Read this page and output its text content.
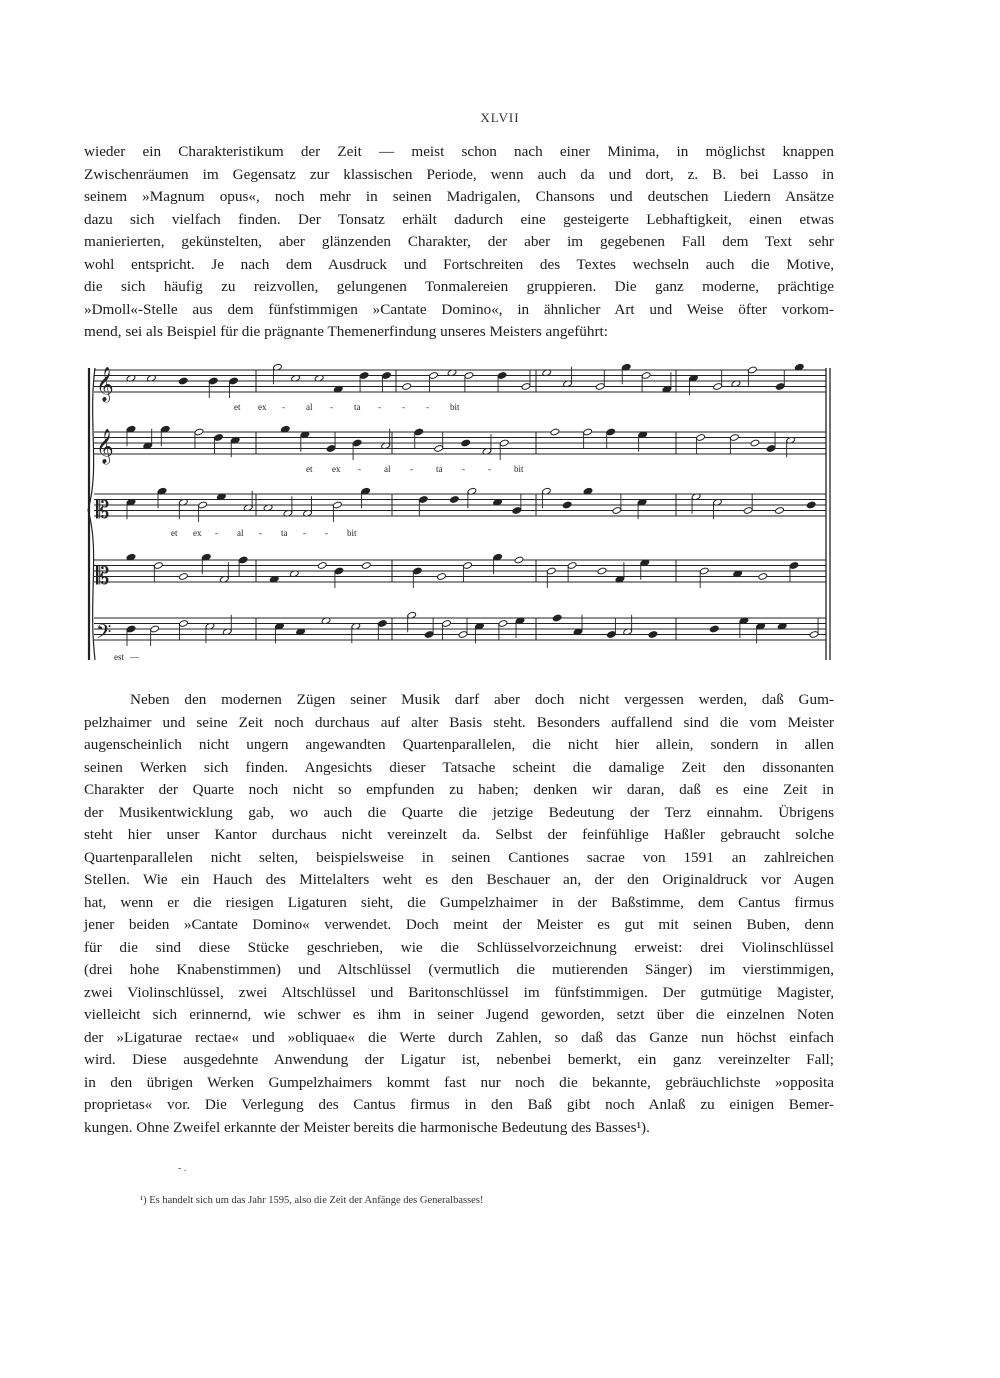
XLVII
wieder ein Charakteristikum der Zeit — meist schon nach einer Minima, in möglichst knappen
Zwischenräumen im Gegensatz zur klassischen Periode, wenn auch da und dort, z. B. bei Lasso in
seinem »Magnum opus«, noch mehr in seinen Madrigalen, Chansons und deutschen Liedern Ansätze
dazu sich vielfach finden. Der Tonsatz erhält dadurch eine gesteigerte Lebhaftigkeit, einen etwas
manierierten, gekünstelten, aber glänzenden Charakter, der aber im gegebenen Fall dem Text sehr
wohl entspricht. Je nach dem Ausdruck und Fortschreiten des Textes wechseln auch die Motive,
die sich häufig zu reizvollen, gelungenen Tonmalereien gruppieren. Die ganz moderne, prächtige
»Dmoll«-Stelle aus dem fünfstimmigen »Cantate Domino«, in ähnlicher Art und Weise öfter vorkom-
mend, sei als Beispiel für die prägnante Themenerfindung unseres Meisters angeführt:
𝄞
𝄞
𝄡
𝄡
𝄢
et ex - al - ta - - - bit
et ex -	al -	ta -	-	bit
et ex - al - ta - - bit
est —
Neben den modernen Zügen seiner Musik darf aber doch nicht vergessen werden, daß Gum-
pelzhaimer und seine Zeit noch durchaus auf alter Basis steht. Besonders auffallend sind die vom Meister
augenscheinlich nicht ungern angewandten Quartenparallelen, die nicht hier allein, sondern in allen
seinen Werken sich finden. Angesichts dieser Tatsache scheint die damalige Zeit den dissonanten
Charakter der Quarte noch nicht so empfunden zu haben; denken wir daran, daß es eine Zeit in
der Musikentwicklung gab, wo auch die Quarte die jetzige Bedeutung der Terz einnahm. Übrigens
steht hier unser Kantor durchaus nicht vereinzelt da. Selbst der feinfühlige Haßler gebraucht solche
Quartenparallelen nicht selten, beispielsweise in seinen Cantiones sacrae von 1591 an zahlreichen
Stellen. Wie ein Hauch des Mittelalters weht es den Beschauer an, der den Originaldruck vor Augen
hat, wenn er die riesigen Ligaturen sieht, die Gumpelzhaimer in der Baßstimme, dem Cantus firmus
jener beiden »Cantate Domino« verwendet. Doch meint der Meister es gut mit seinen Buben, denn
für die sind diese Stücke geschrieben, wie die Schlüsselvorzeichnung erweist: drei Violinschlüssel
(drei hohe Knabenstimmen) und Altschlüssel (vermutlich die mutierenden Sänger) im vierstimmigen,
zwei Violinschlüssel, zwei Altschlüssel und Baritonschlüssel im fünfstimmigen. Der gutmütige Magister,
vielleicht sich erinnernd, wie schwer es ihm in seiner Jugend geworden, setzt über die einzelnen Noten
der »Ligaturae rectae« und »obliquae« die Werte durch Zahlen, so daß das Ganze nun höchst einfach
wird. Diese ausgedehnte Anwendung der Ligatur ist, nebenbei bemerkt, ein ganz vereinzelter Fall;
in den übrigen Werken Gumpelzhaimers kommt fast nur noch die bekannte, gebräuchlichste »opposita
proprietas« vor. Die Verlegung des Cantus firmus in den Baß gibt noch Anlaß zu einigen Bemer-
kungen. Ohne Zweifel erkannte der Meister bereits die harmonische Bedeutung des Basses¹).
- .
¹) Es handelt sich um das Jahr 1595, also die Zeit der Anfänge des Generalbasses!
